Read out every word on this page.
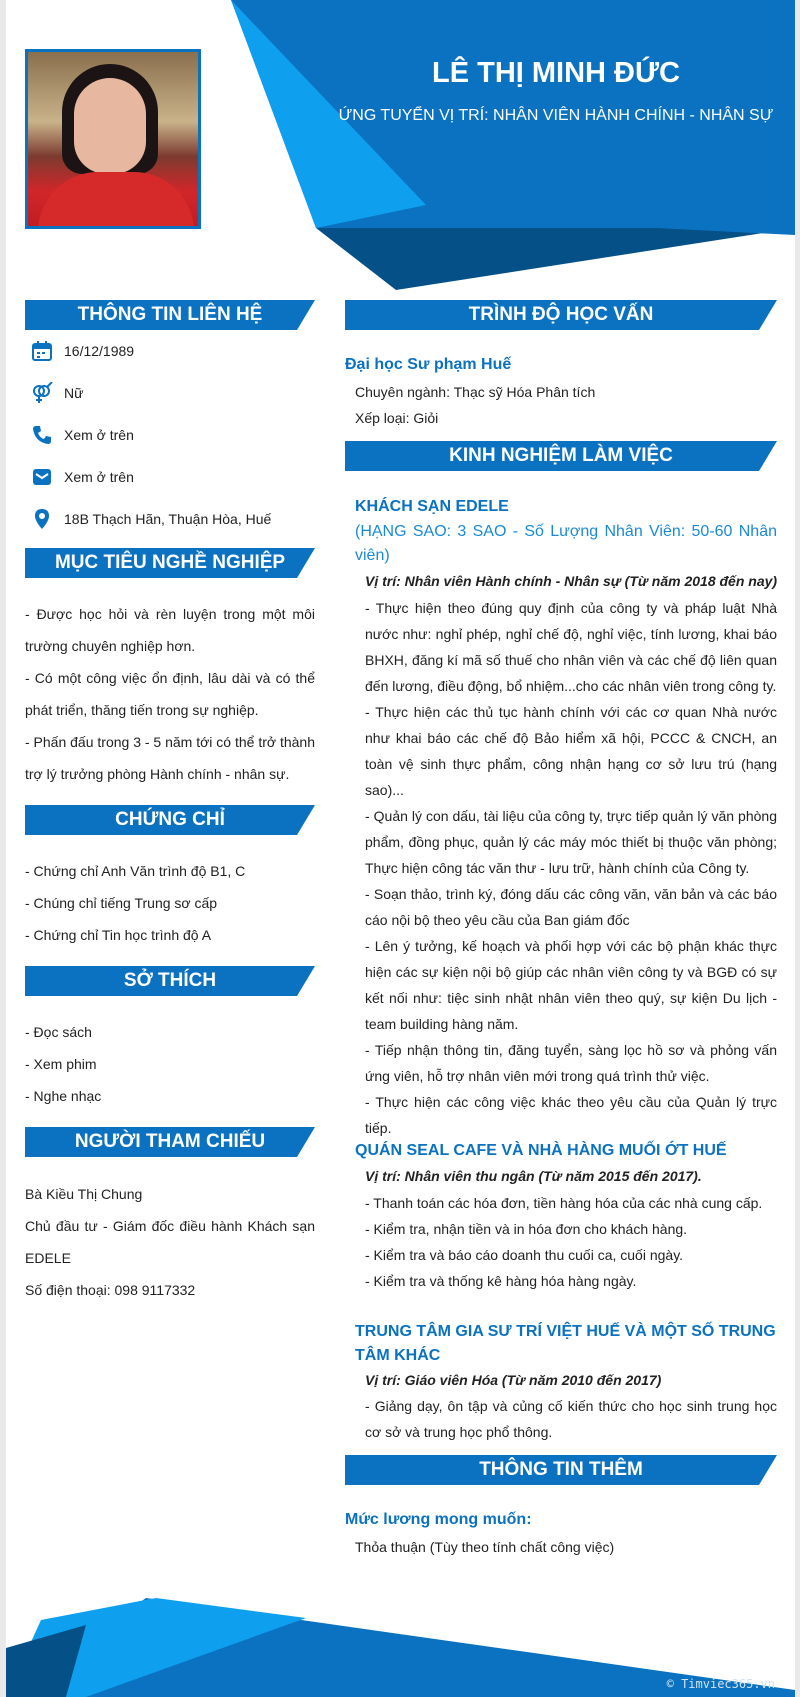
LÊ THỊ MINH ĐỨC
ỨNG TUYỂN VỊ TRÍ: NHÂN VIÊN HÀNH CHÍNH - NHÂN SỰ
THÔNG TIN LIÊN HỆ
16/12/1989
Nữ
Xem ở trên
Xem ở trên
18B Thạch Hãn, Thuận Hòa, Huế
MỤC TIÊU NGHỀ NGHIỆP
- Được học hỏi và rèn luyện trong một môi trường chuyên nghiệp hơn.
- Có một công việc ổn định, lâu dài và có thể phát triển, thăng tiến trong sự nghiệp.
- Phấn đấu trong 3 - 5 năm tới có thể trở thành trợ lý trưởng phòng Hành chính - nhân sự.
CHỨNG CHỈ
- Chứng chỉ Anh Văn trình độ B1, C
- Chúng chỉ tiếng Trung sơ cấp
- Chứng chỉ Tin học trình độ A
SỞ THÍCH
- Đọc sách
- Xem phim
- Nghe nhạc
NGƯỜI THAM CHIẾU
Bà Kiều Thị Chung
Chủ đầu tư - Giám đốc điều hành Khách sạn EDELE
Số điện thoại: 098 9117332
TRÌNH ĐỘ HỌC VẤN
Đại học Sư phạm Huế
Chuyên ngành: Thạc sỹ Hóa Phân tích
Xếp loại: Giỏi
KINH NGHIỆM LÀM VIỆC
KHÁCH SẠN EDELE
(HẠNG SAO: 3 SAO - Số Lượng Nhân Viên: 50-60 Nhân viên)
Vị trí: Nhân viên Hành chính - Nhân sự (Từ năm 2018 đến nay)
- Thực hiện theo đúng quy định của công ty và pháp luật Nhà nước như: nghỉ phép, nghỉ chế độ, nghỉ việc, tính lương, khai báo BHXH, đăng kí mã số thuế cho nhân viên và các chế độ liên quan đến lương, điều động, bổ nhiệm...cho các nhân viên trong công ty.
- Thực hiện các thủ tục hành chính với các cơ quan Nhà nước như khai báo các chế độ Bảo hiểm xã hội, PCCC & CNCH, an toàn vệ sinh thực phẩm, công nhận hạng cơ sở lưu trú (hạng sao)...
- Quản lý con dấu, tài liệu của công ty, trực tiếp quản lý văn phòng phẩm, đồng phục, quản lý các máy móc thiết bị thuộc văn phòng; Thực hiện công tác văn thư - lưu trữ, hành chính của Công ty.
- Soạn thảo, trình ký, đóng dấu các công văn, văn bản và các báo cáo nội bộ theo yêu cầu của Ban giám đốc
- Lên ý tưởng, kế hoạch và phối hợp với các bộ phận khác thực hiện các sự kiện nội bộ giúp các nhân viên công ty và BGĐ có sự kết nối như: tiệc sinh nhật nhân viên theo quý, sự kiện Du lịch - team building hàng năm.
- Tiếp nhận thông tin, đăng tuyển, sàng lọc hồ sơ và phỏng vấn ứng viên, hỗ trợ nhân viên mới trong quá trình thử việc.
- Thực hiện các công việc khác theo yêu cầu của Quản lý trực tiếp.
QUÁN SEAL CAFE VÀ NHÀ HÀNG MUỐI ỚT HUẾ
Vị trí: Nhân viên thu ngân (Từ năm 2015 đến 2017).
- Thanh toán các hóa đơn, tiền hàng hóa của các nhà cung cấp.
- Kiểm tra, nhận tiền và in hóa đơn cho khách hàng.
- Kiểm tra và báo cáo doanh thu cuối ca, cuối ngày.
- Kiểm tra và thống kê hàng hóa hàng ngày.
TRUNG TÂM GIA SƯ TRÍ VIỆT HUẾ VÀ MỘT SỐ TRUNG TÂM KHÁC
Vị trí: Giáo viên Hóa (Từ năm 2010 đến 2017)
- Giảng dạy, ôn tập và củng cố kiến thức cho học sinh trung học cơ sở và trung học phổ thông.
THÔNG TIN THÊM
Mức lương mong muốn:
Thỏa thuận (Tùy theo tính chất công việc)
© Timviec365.vn
